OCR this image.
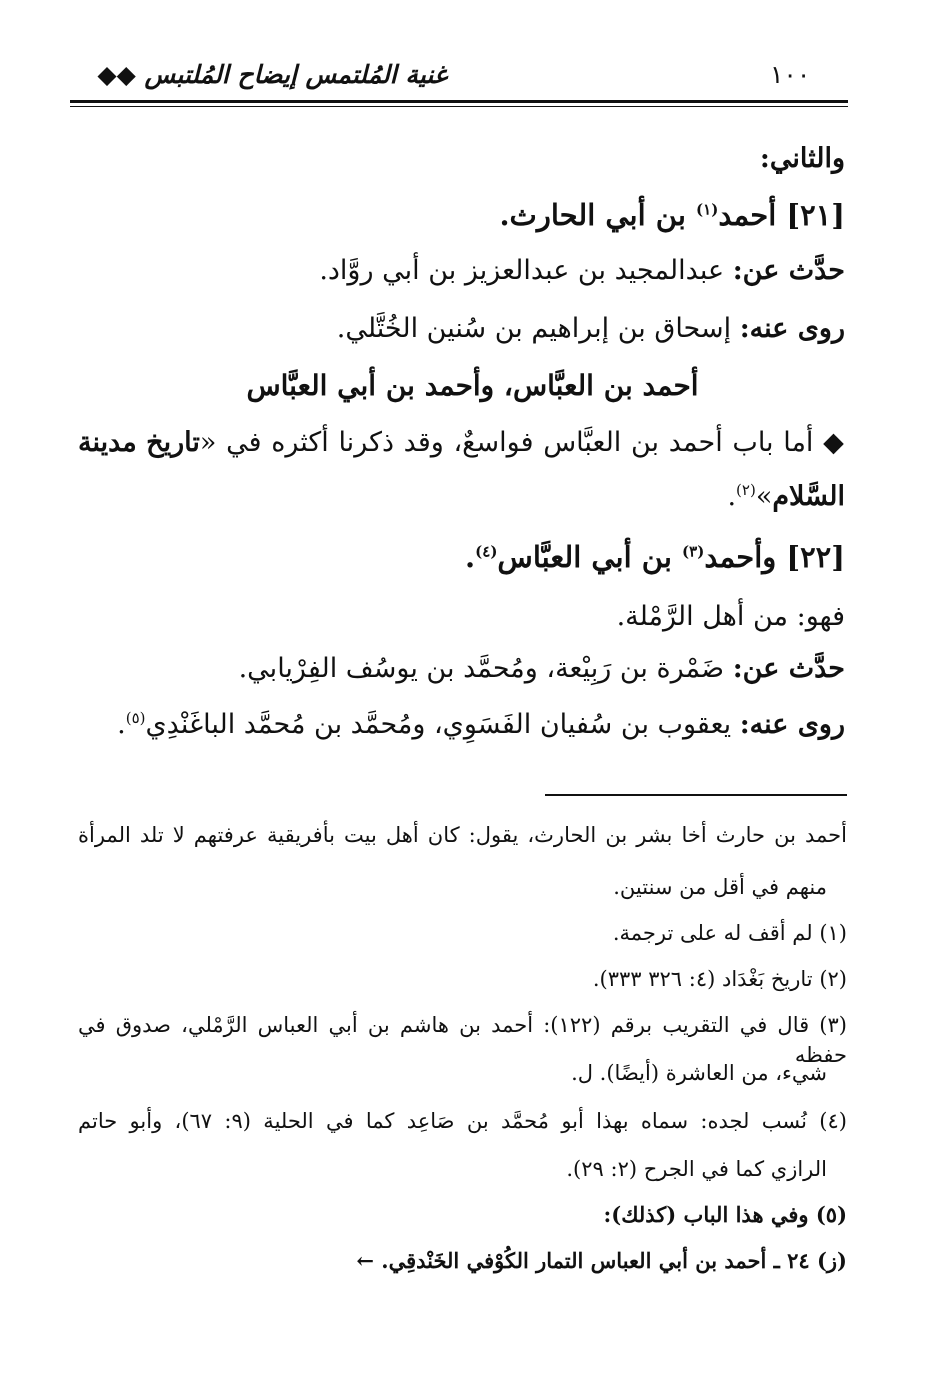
غنية المُلتمس إيضاح المُلتبس ◆◆	١٠٠
والثاني:
[٢١] أحمد$^{(١)}$ بن أبي الحارث.
حدَّث عن: عبدالمجيد بن عبدالعزيز بن أبي روَّاد.
روى عنه: إسحاق بن إبراهيم بن سُنين الخُتَّلي.
أحمد بن العبَّاس، وأحمد بن أبي العبَّاس
◆ أما باب أحمد بن العبَّاس فواسعٌ، وقد ذكرنا أكثره في «تاريخ مدينة
السَّلام»$^{(٢)}$.
[٢٢] وأحمد$^{(٣)}$ بن أبي العبَّاس$^{(٤)}$.
فهو: من أهل الرَّمْلة.
حدَّث عن: ضَمْرة بن رَبِيْعة، ومُحمَّد بن يوسُف الفِرْيابي.
روى عنه: يعقوب بن سُفيان الفَسَوِي، ومُحمَّد بن مُحمَّد الباغَنْدِي$^{(٥)}$.
أحمد بن حارث أخا بشر بن الحارث، يقول: كان أهل بيت بأفريقية عرفتهم لا تلد المرأة
منهم في أقل من سنتين.
(١) لم أقف له على ترجمة.
(٢) تاريخ بَغْدَاد (٤: ٣٢٦ ٣٣٣).
(٣) قال في التقريب برقم (١٢٢): أحمد بن هاشم بن أبي العباس الرَّمْلي، صدوق في حفظه
شيء، من العاشرة (أيضًا). ل.
(٤) نُسب لجده: سماه بهذا أبو مُحمَّد بن صَاعِد كما في الحلية (٩: ٦٧)، وأبو حاتم
الرازي كما في الجرح (٢: ٢٩).
(٥) وفي هذا الباب (كذلك):
(ز) ٢٤ ـ أحمد بن أبي العباس التمار الكُوْفي الخَنْدقِي. ←
